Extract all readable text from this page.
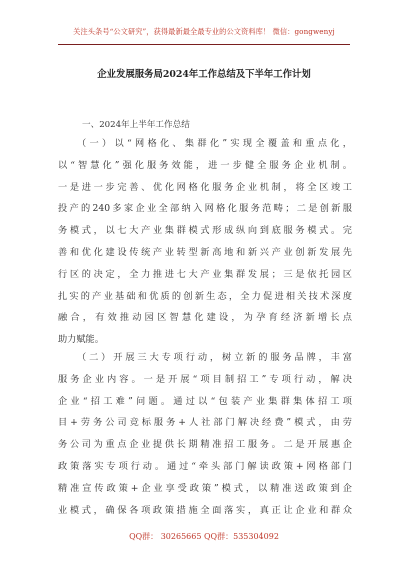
关注头条号“公文研究”，获得最新最全最专业的公文资料库！ 微信：gongwenyj
企业发展服务局2024年工作总结及下半年工作计划
一、2024年上半年工作总结
（一）以“网格化、集群化”实现全覆盖和重点化，
以“智慧化”强化服务效能，进一步健全服务企业机制。
一是进一步完善、优化网格化服务企业机制，将全区竣工
投产的240多家企业全部纳入网格化服务范畴；二是创新服
务模式，以七大产业集群模式形成纵向到底服务模式。完
善和优化建设传统产业转型新高地和新兴产业创新发展先
行区的决定，全力推进七大产业集群发展；三是依托园区
扎实的产业基础和优质的创新生态，全力促进相关技术深度
融合，有效推动园区智慧化建设，为孕育经济新增长点
助力赋能。
（二）开展三大专项行动，树立新的服务品牌，丰富
服务企业内容。一是开展“项目制招工”专项行动，解决
企业“招工难”问题。通过以“包装产业集群集体招工项
目+劳务公司竞标服务+人社部门解决经费”模式，由劳
务公司为重点企业提供长期精准招工服务。二是开展惠企
政策落实专项行动。通过“牵头部门解读政策+网格部门
精准宣传政策+企业享受政策”模式，以精准送政策到企
业模式，确保各项政策措施全面落实，真正让企业和群众
QQ群： 30265665 QQ群：535304092
